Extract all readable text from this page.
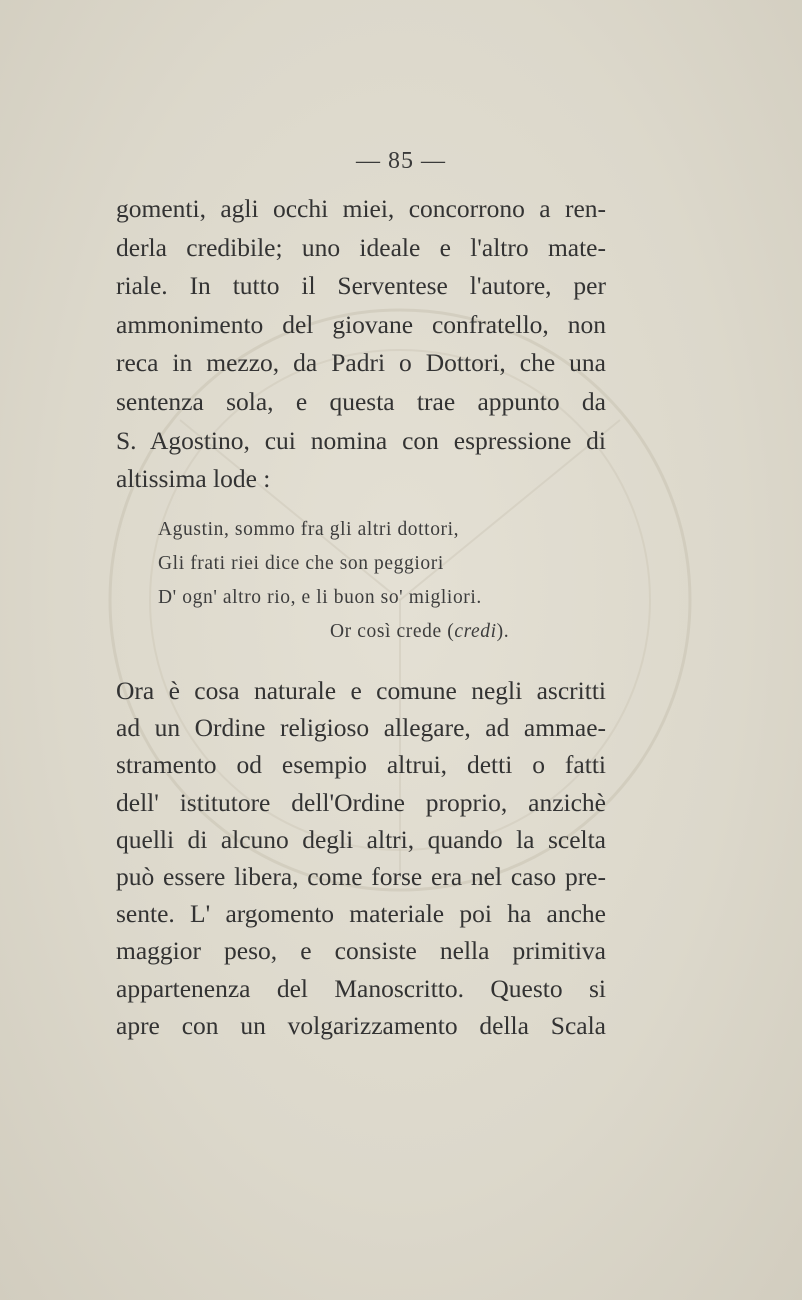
— 85 —

gomenti, agli occhi miei, concorrono a ren-
derla credibile; uno ideale e l'altro mate-
riale. In tutto il Serventese l'autore, per
ammonimento del giovane confratello, non
reca in mezzo, da Padri o Dottori, che una
sentenza sola, e questa trae appunto da
S. Agostino, cui nomina con espressione di
altissima lode :

Agustin, sommo fra gli altri dottori,
Gli frati riei dice che son peggiori
D' ogn' altro rio, e li buon so' migliori.
Or così crede (credi).

Ora è cosa naturale e comune negli ascritti
ad un Ordine religioso allegare, ad ammae-
stramento od esempio altrui, detti o fatti
dell' istitutore dell'Ordine proprio, anzichè
quelli di alcuno degli altri, quando la scelta
può essere libera, come forse era nel caso pre-
sente. L' argomento materiale poi ha anche
maggior peso, e consiste nella primitiva
appartenenza del Manoscritto. Questo si
apre con un volgarizzamento della Scala
